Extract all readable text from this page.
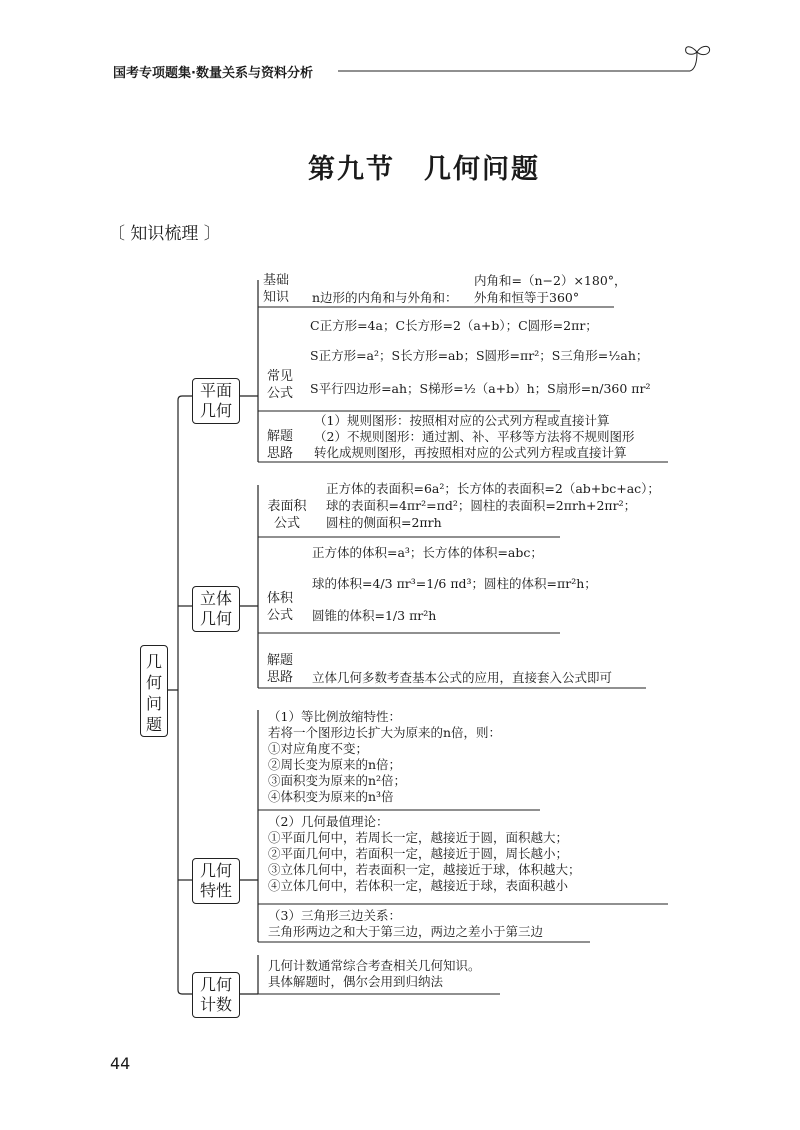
国考专项题集·数量关系与资料分析
第九节　几何问题
〔 知识梳理 〕
几何问题
平面几何
立体几何
几何特性
几何计数
基础知识 n边形的内角和与外角和：
内角和=（n−2）×180°，
外角和恒等于360°
常见公式
C正方形=4a；C长方形=2（a+b）；C圆形=2πr；
S正方形=a²；S长方形=ab；S圆形=πr²；S三角形=½ah；
S平行四边形=ah；S梯形=½（a+b）h；S扇形=n/360 πr²
解题思路
（1）规则图形：按照相对应的公式列方程或直接计算
（2）不规则图形：通过割、补、平移等方法将不规则图形
转化成规则图形，再按照相对应的公式列方程或直接计算
表面积公式
正方体的表面积=6a²；长方体的表面积=2（ab+bc+ac）；
球的表面积=4πr²=πd²；圆柱的表面积=2πrh+2πr²；
圆柱的侧面积=2πrh
体积公式
正方体的体积=a³；长方体的体积=abc；
球的体积=4/3 πr³=1/6 πd³；圆柱的体积=πr²h；
圆锥的体积=1/3 πr²h
解题思路 立体几何多数考查基本公式的应用，直接套入公式即可
（1）等比例放缩特性：
若将一个图形边长扩大为原来的n倍，则：
①对应角度不变；
②周长变为原来的n倍；
③面积变为原来的n²倍；
④体积变为原来的n³倍
（2）几何最值理论：
①平面几何中，若周长一定，越接近于圆，面积越大；
②平面几何中，若面积一定，越接近于圆，周长越小；
③立体几何中，若表面积一定，越接近于球，体积越大；
④立体几何中，若体积一定，越接近于球，表面积越小
（3）三角形三边关系：
三角形两边之和大于第三边，两边之差小于第三边
几何计数通常综合考查相关几何知识。
具体解题时，偶尔会用到归纳法
44
